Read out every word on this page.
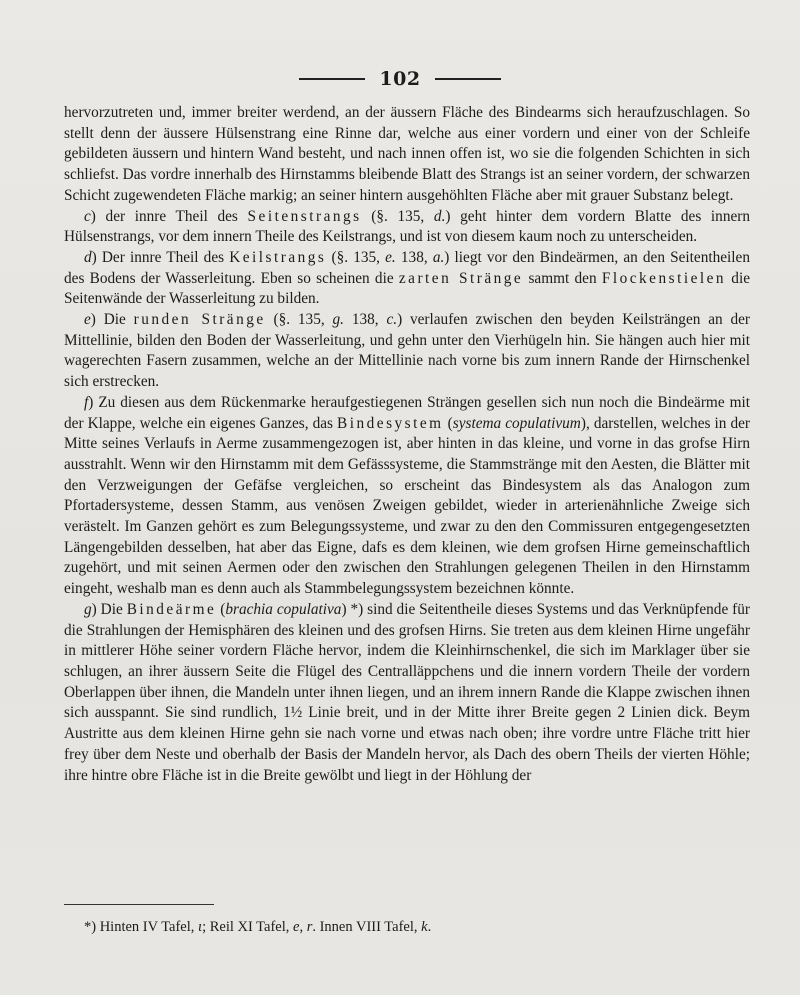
102

hervorzutreten und, immer breiter werdend, an der äussern Fläche des Bindearms sich heraufzuschlagen. So stellt denn der äussere Hülsenstrang eine Rinne dar, welche aus einer vordern und einer von der Schleife gebildeten äussern und hintern Wand besteht, und nach innen offen ist, wo sie die folgenden Schichten in sich schliefst. Das vordre innerhalb des Hirnstamms bleibende Blatt des Strangs ist an seiner vordern, der schwarzen Schicht zugewendeten Fläche markig; an seiner hintern ausgehöhlten Fläche aber mit grauer Substanz belegt.

c) der innre Theil des Seitenstrangs (§. 135, d.) geht hinter dem vordern Blatte des innern Hülsenstrangs, vor dem innern Theile des Keilstrangs, und ist von diesem kaum noch zu unterscheiden.

d) Der innre Theil des Keilstrangs (§. 135, e. 138, a.) liegt vor den Bindeärmen, an den Seitentheilen des Bodens der Wasserleitung. Eben so scheinen die zarten Stränge sammt den Flockenstielen die Seitenwände der Wasserleitung zu bilden.

e) Die runden Stränge (§. 135, g. 138, c.) verlaufen zwischen den beyden Keilsträngen an der Mittellinie, bilden den Boden der Wasserleitung, und gehn unter den Vierhügeln hin. Sie hängen auch hier mit wagerechten Fasern zusammen, welche an der Mittellinie nach vorne bis zum innern Rande der Hirnschenkel sich erstrecken.

f) Zu diesen aus dem Rückenmarke heraufgestiegenen Strängen gesellen sich nun noch die Bindeärme mit der Klappe, welche ein eigenes Ganzes, das Bindesystem (systema copulativum), darstellen, welches in der Mitte seines Verlaufs in Aerme zusammengezogen ist, aber hinten in das kleine, und vorne in das grofse Hirn ausstrahlt. Wenn wir den Hirnstamm mit dem Gefässsysteme, die Stammstränge mit den Aesten, die Blätter mit den Verzweigungen der Gefäfse vergleichen, so erscheint das Bindesystem als das Analogon zum Pfortadersysteme, dessen Stamm, aus venösen Zweigen gebildet, wieder in arterienähnliche Zweige sich verästelt. Im Ganzen gehört es zum Belegungssysteme, und zwar zu den den Commissuren entgegengesetzten Längengebilden desselben, hat aber das Eigne, dafs es dem kleinen, wie dem grofsen Hirne gemeinschaftlich zugehört, und mit seinen Aermen oder den zwischen den Strahlungen gelegenen Theilen in den Hirnstamm eingeht, weshalb man es denn auch als Stammbelegungssystem bezeichnen könnte.

g) Die Bindeärme (brachia copulativa) *) sind die Seitentheile dieses Systems und das Verknüpfende für die Strahlungen der Hemisphären des kleinen und des grofsen Hirns. Sie treten aus dem kleinen Hirne ungefähr in mittlerer Höhe seiner vordern Fläche hervor, indem die Kleinhirnschenkel, die sich im Marklager über sie schlugen, an ihrer äussern Seite die Flügel des Centralläppchens und die innern vordern Theile der vordern Oberlappen über ihnen, die Mandeln unter ihnen liegen, und an ihrem innern Rande die Klappe zwischen ihnen sich ausspannt. Sie sind rundlich, 1½ Linie breit, und in der Mitte ihrer Breite gegen 2 Linien dick. Beym Austritte aus dem kleinen Hirne gehn sie nach vorne und etwas nach oben; ihre vordre untre Fläche tritt hier frey über dem Neste und oberhalb der Basis der Mandeln hervor, als Dach des obern Theils der vierten Höhle; ihre hintre obre Fläche ist in die Breite gewölbt und liegt in der Höhlung der

*) Hinten IV Tafel, ι; Reil XI Tafel, e, r. Innen VIII Tafel, k.
